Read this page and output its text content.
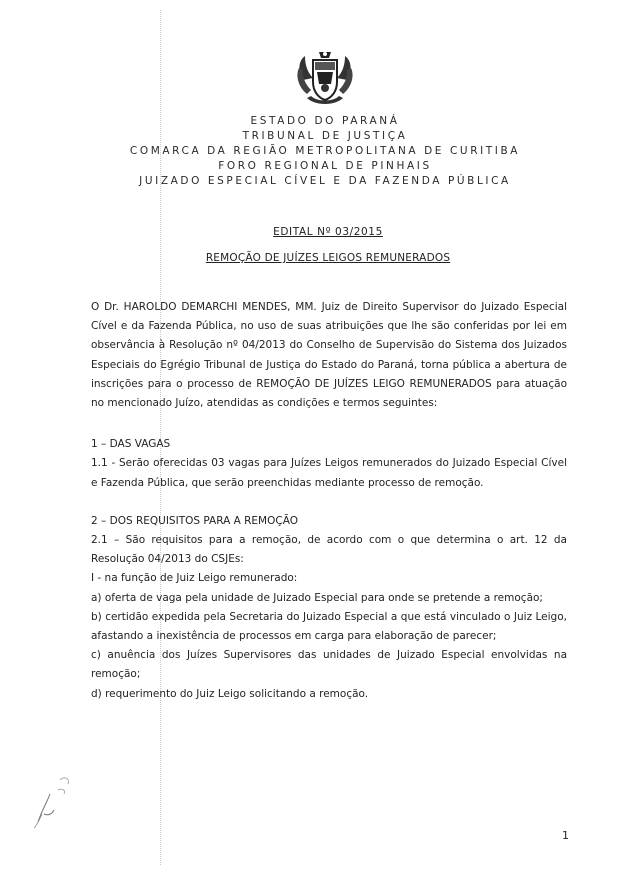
ESTADO DO PARANÁ
TRIBUNAL DE JUSTIÇA
COMARCA DA REGIÃO METROPOLITANA DE CURITIBA
FORO REGIONAL DE PINHAIS
JUIZADO ESPECIAL CÍVEL E DA FAZENDA PÚBLICA
EDITAL Nº 03/2015
REMOÇÃO DE JUÍZES LEIGOS REMUNERADOS

O Dr. HAROLDO DEMARCHI MENDES, MM. Juiz de Direito Supervisor do Juizado Especial Cível e da Fazenda Pública, no uso de suas atribuições que lhe são conferidas por lei em observância à Resolução nº 04/2013 do Conselho de Supervisão do Sistema dos Juizados Especiais do Egrégio Tribunal de Justiça do Estado do Paraná, torna pública a abertura de inscrições para o processo de REMOÇÃO DE JUÍZES LEIGO REMUNERADOS para atuação no mencionado Juízo, atendidas as condições e termos seguintes:

1 – DAS VAGAS

1.1 - Serão oferecidas 03 vagas para Juízes Leigos remunerados do Juizado Especial Cível e Fazenda Pública, que serão preenchidas mediante processo de remoção.

2 – DOS REQUISITOS PARA A REMOÇÃO

2.1 – São requisitos para a remoção, de acordo com o que determina o art. 12 da Resolução 04/2013 do CSJEs:

I - na função de Juiz Leigo remunerado:

a) oferta de vaga pela unidade de Juizado Especial para onde se pretende a remoção;

b) certidão expedida pela Secretaria do Juizado Especial a que está vinculado o Juiz Leigo, afastando a inexistência de processos em carga para elaboração de parecer;

c) anuência dos Juízes Supervisores das unidades de Juizado Especial envolvidas na remoção;

d) requerimento do Juiz Leigo solicitando a remoção.

1
